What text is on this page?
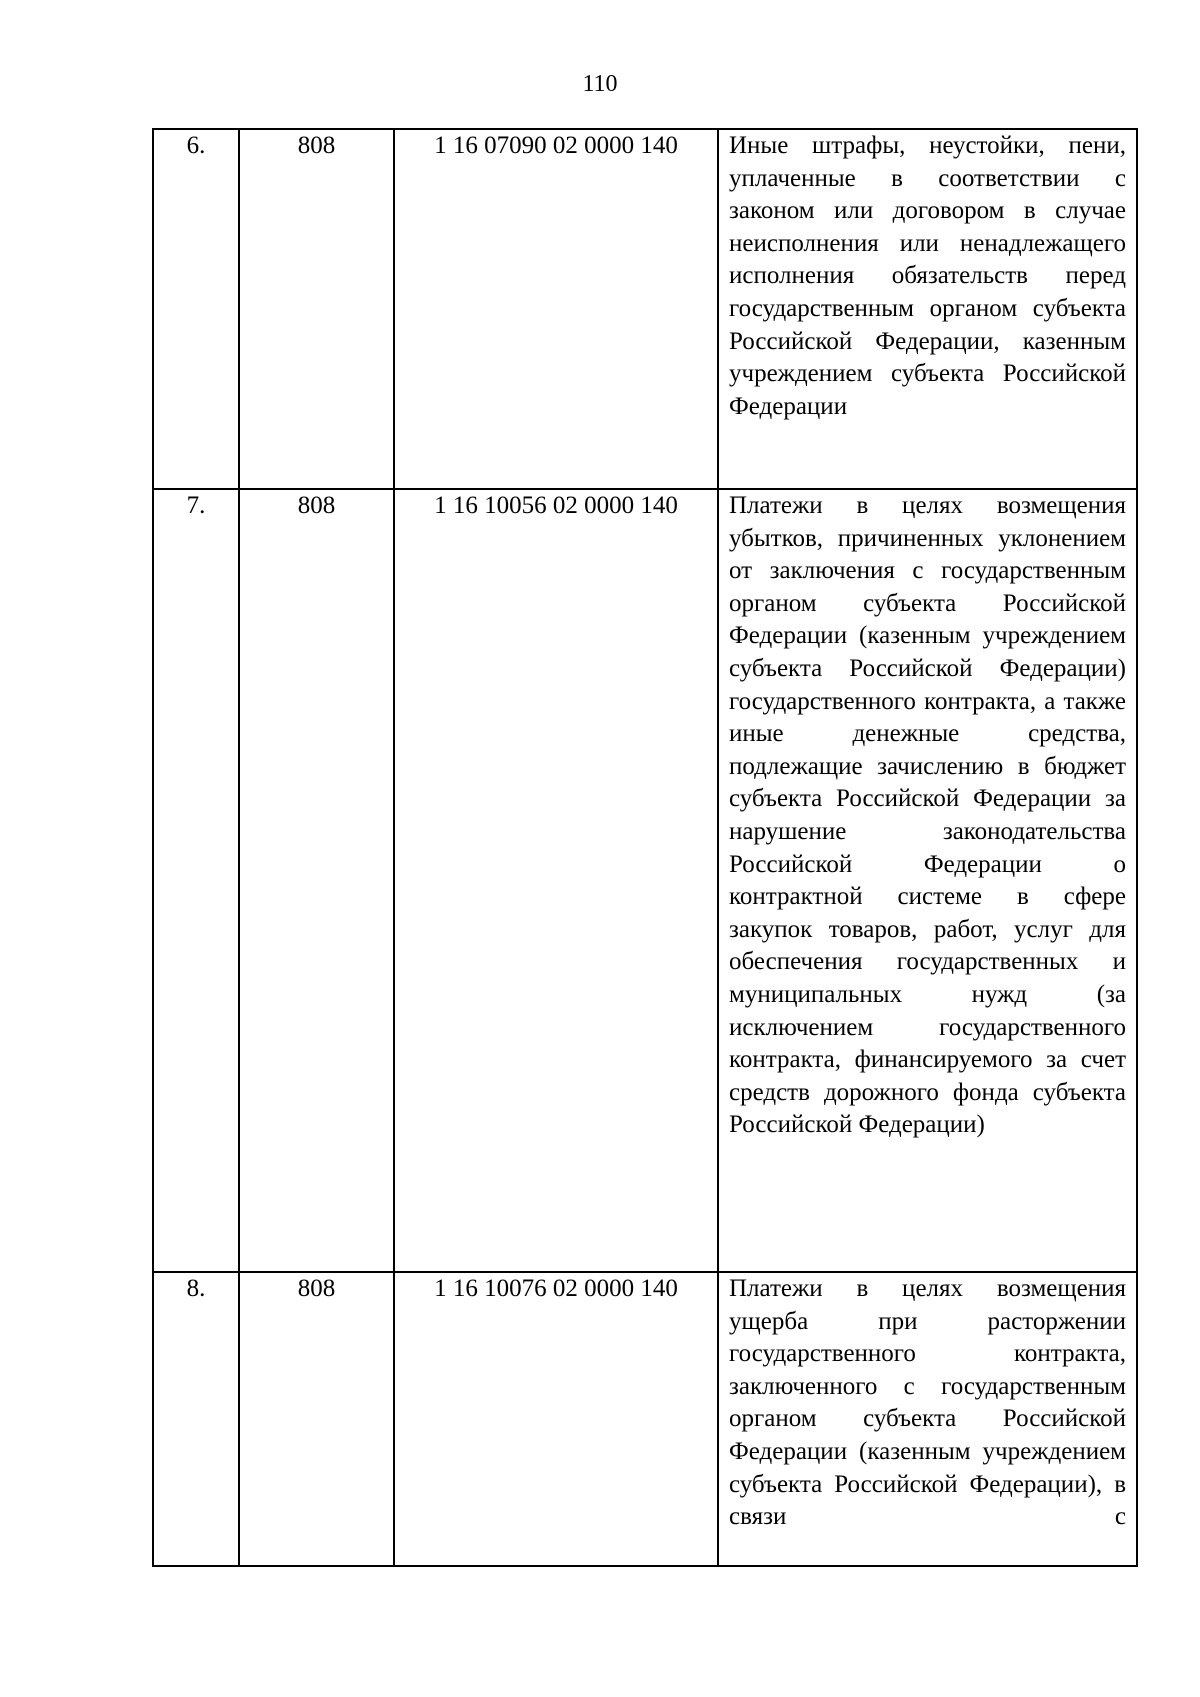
110
6.	808	1 16 07090 02 0000 140	Иные штрафы, неустойки, пени, уплаченные в соответствии с законом или договором в случае неисполнения или ненадлежащего исполнения обязательств перед государственным органом субъекта Российской Федерации, казенным учреждением субъекта Российской Федерации
7.	808	1 16 10056 02 0000 140	Платежи в целях возмещения убытков, причиненных уклонением от заключения с государственным органом субъекта Российской Федерации (казенным учреждением субъекта Российской Федерации) государственного контракта, а также иные денежные средства, подлежащие зачислению в бюджет субъекта Российской Федерации за нарушение законодательства Российской Федерации о контрактной системе в сфере закупок товаров, работ, услуг для обеспечения государственных и муниципальных нужд (за исключением государственного контракта, финансируемого за счет средств дорожного фонда субъекта Российской Федерации)
8.	808	1 16 10076 02 0000 140	Платежи в целях возмещения ущерба при расторжении государственного контракта, заключенного с государственным органом субъекта Российской Федерации (казенным учреждением субъекта Российской Федерации), в связи с
